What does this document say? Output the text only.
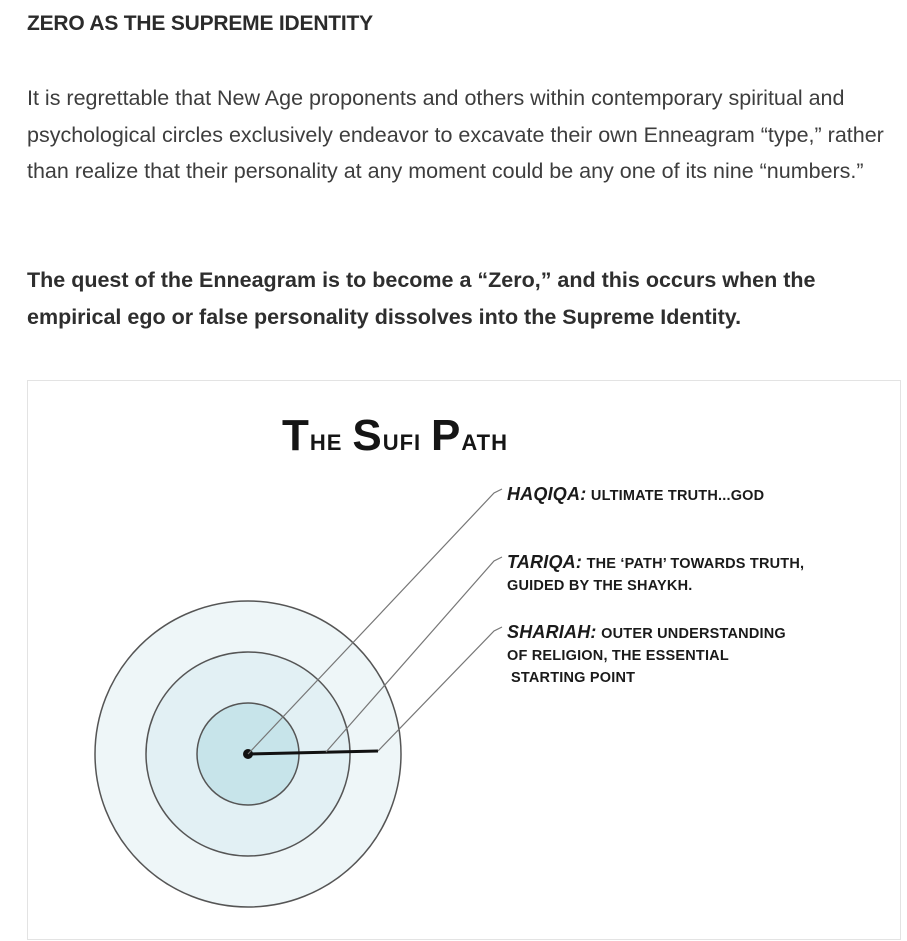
ZERO AS THE SUPREME IDENTITY

It is regrettable that New Age proponents and others within contemporary spiritual and psychological circles exclusively endeavor to excavate their own Enneagram “type,” rather than realize that their personality at any moment could be any one of its nine “numbers.”

The quest of the Enneagram is to become a “Zero,” and this occurs when the empirical ego or false personality dissolves into the Supreme Identity.

The Sufi Path
HAQIQA: ULTIMATE TRUTH...GOD
TARIQA: THE ‘PATH’ TOWARDS TRUTH,
GUIDED BY THE SHAYKH.
SHARIAH: OUTER UNDERSTANDING
OF RELIGION, THE ESSENTIAL
STARTING POINT
